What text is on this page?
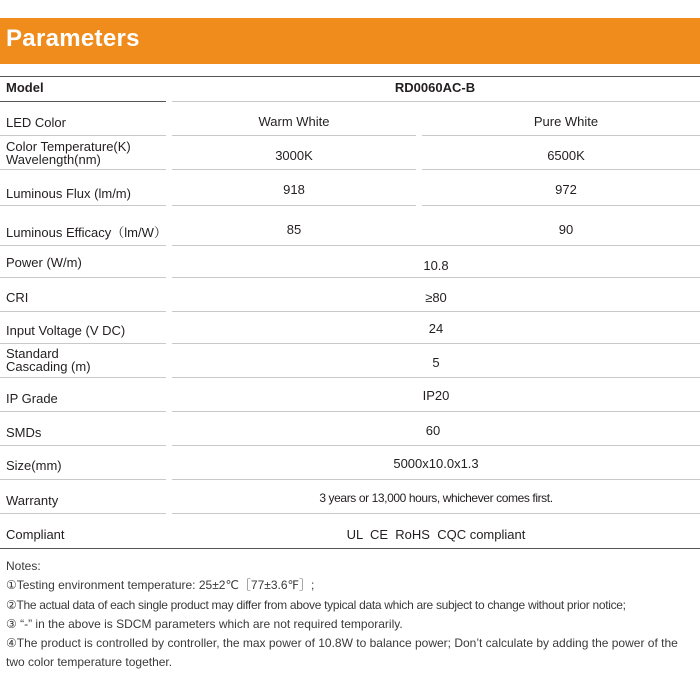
Parameters
Model	RD0060AC-B
LED Color	Warm White	Pure White
Color Temperature(K)
Wavelength(nm)	3000K	6500K
Luminous Flux (lm/m)	918	972
Luminous Efficacy（lm/W）	85	90
Power (W/m)	10.8
CRI	≥80
Input Voltage (V DC)	24
Standard
Cascading (m)	5
IP Grade	IP20
SMDs	60
Size(mm)	5000x10.0x1.3
Warranty	3 years or 13,000 hours, whichever comes first.
Compliant	UL  CE  RoHS  CQC compliant
Notes:
①Testing environment temperature: 25±2℃［77±3.6℉］;
②The actual data of each single product may differ from above typical data which are subject to change without prior notice;
③ “-” in the above is SDCM parameters which are not required temporarily.
④The product is controlled by controller, the max power of 10.8W to balance power; Don’t calculate by adding the power of the two color temperature together.
